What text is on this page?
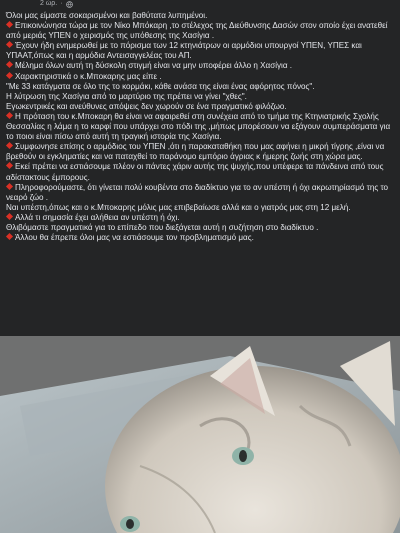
2 ώρ. ·
Όλοι μας είμαστε σοκαρισμένοι και βαθύτατα λυπημένοι.
Επικοινώνησα τώρα με τον Νίκο Μπόκαρη ,το στέλεχος της Διεύθυνσης Δασών στον οποίο έχει ανατεθεί από μεριάς ΥΠΕΝ ο χειρισμός της υπόθεσης της Χασίγια .
Έχουν ήδη ενημερωθεί με το πόρισμα των 12 κτηνιάτρων οι αρμόδιοι υπουργοί ΥΠΕΝ, ΥΠΕΣ και ΥΠΑΑΤ,όπως και η αρμόδια Αντεισαγγελέας του ΑΠ.
Μέλημα όλων αυτή τη δύσκολη στιγμή είναι να μην υποφέρει άλλο η Χασίγια .
Χαρακτηριστικά ο κ.Μποκαρης μας είπε .
"Με 33 κατάγματα σε όλο της το κορμάκι, κάθε ανάσα της είναι ένας αφόρητος πόνος".
Η λύτρωση της Χασίγια από το μαρτύριο της πρέπει να γίνει "χθες".
Εγωκεντρικές και ανεύθυνες απόψεις δεν χωρούν σε ένα πραγματικό φιλόζωο.
Η πρόταση του κ.Μποκαρη θα είναι να αφαιρεθεί στη συνέχεια από το τμήμα της Κτηνιατρικής Σχολής Θεσσαλίας η λάμα η το καρφί που υπάρχει στο πόδι της ,μήπως μπορέσουν να εξάγουν συμπεράσματα για το ποιοι είναι πίσω από αυτή τη τραγική ιστορία της Χασίγια.
Συμφωνησε επίσης ο αρμόδιος του ΥΠΕΝ ,ότι η παρακαταθήκη που μας αφήνει η μικρή τίγρης ,είναι να βρεθούν οι εγκληματίες και να παταχθεί το παράνομο εμπόριο άγριας κ ήμερης ζωής στη χώρα μας.
Εκεί πρέπει να εστιάσουμε πλέον οι πάντες χάριν αυτής της ψυχής,που υπέφερε τα πάνδεινα από τους αδίστακτους έμπορους.
Πληροφορούμαστε, ότι γίνεται πολύ κουβέντα στο διαδίκτυο για το αν υπέστη ή όχι ακρωτηρίασμό της το νεαρό ζώο .
Ναι υπέστη,όπως και ο κ.Μποκαρης μόλις μας επιβεβαίωσε αλλά και ο γιατρός μας στη 12 μελή.
Αλλά τι σημασία έχει αλήθεια αν υπέστη ή όχι.
Θλιβόμαστε πραγματικά για το επίπεδο που διεξάγεται αυτή η συζήτηση στο διαδίκτυο .
Άλλου θα έπρεπε όλοι μας να εστιάσουμε τον προβληματισμό μας.
